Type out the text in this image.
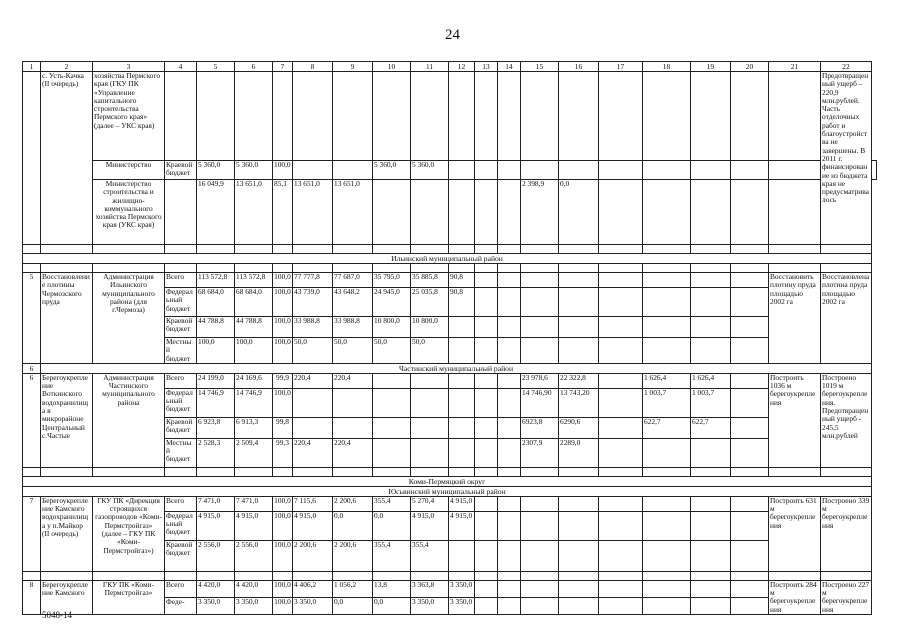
24
1	2	3	4	5	6	7	8	9	10	11	12	13	14	15	16	17	18	19	20	21	22	
	с. Усть-Качка (II очередь)	хозяйства Пермского края (ГКУ ПК «Управление капитального строительства Пермского края» (далее – УКС края)																			Предотвращенный ущерб – 220,9 млн.рублей. Часть отделочных работ и благоустройства не завершены. В 2011 г. финансирование из бюджета края не предусматривалось	
		Министерство	Краевой бюджет	5 360,0	5 360,0	100,0			5 360,0	5 360,0												
		Министерство строительства и жилищно-коммунального хозяйства Пермского края (УКС края)		16 049,9	13 651,0	85,1	13 651,0	13 651,0						2 398,9	0,0							

Ильинский муниципальный район																						

5	Восстановление плотины Чермозского пруда	Администрация Ильинского муниципального района (для г.Чермоза)	Всего	113 572,8	113 572,8	100,0	77 777,8	77 687,0	35 795,0	35 885,8	90,8									Восстановить плотину пруда площадью 2002 га	Восстановлена плотина пруда площадью 2002 га	
			Федеральный бюджет	68 684,0	68 684,0	100,0	43 739,0	43 648,2	24 945,0	25 035,8	90,8											
			Краевой бюджет	44 788,8	44 788,8	100,0	33 988,8	33 988,8	10 800,0	10 800,0												
			Местный бюджет	100,0	100,0	100,0	50,0	50,0	50,0	50,0												
6	Частинский муниципальный район																					
6	Берегоукрепление Воткинского водохранилища в микрорайоне Центральный с.Частые	Администрация Частинского муниципального района	Всего	24 199,0	24 169,6	99,9	220,4	220,4						23 978,6	22 322,8		1 626,4	1 626,4		Построить 1036 м берегоукрепления	Построено 1019 м берегоукрепления. Предотвращенный ущерб - 245,5 млн.рублей	
			Федеральный бюджет	14 746,9	14 746,9	100,0								14 746,90	13 743,20		1 003,7	1 003,7				
			Краевой бюджет	6 923,8	6 913,3	99,8								6923,8	6290,6		622,7	622,7				
			Местный бюджет	2 528,3	2 509,4	99,3	220,4	220,4						2307,9	2289,0							

Коми-Пермяцкий округ																						
Юсьвинский муниципальный район																						
7	Берегоукрепление Камского водохранилища у п.Майкор (II очередь)	ГКУ ПК «Дирекция строящихся газопроводов «Коми-Пермстройгаз» (далее – ГКУ ПК «Коми-Пермстройгаз»)	Всего	7 471,0	7 471,0	100,0	7 115,6	2 200,6	355,4	5 270,4	4 915,0									Построить 631 м берегоукрепления	Построено 339 м берегоукрепления	
			Федеральный бюджет	4 915,0	4 915,0	100,0	4 915,0	0,0	0,0	4 915,0	4 915,0											
			Краевой бюджет	2 556,0	2 556,0	100,0	2 200,6	2 200,6	355,4	355,4												

8	Берегоукрепление Камского	ГКУ ПК «Коми-Пермстройгаз»	Всего	4 420,0	4 420,0	100,0	4 406,2	1 056,2	13,8	3 363,8	3 350,0									Построить 284 м берегоукрепления	Построено 227 м берегоукрепления	
			Феде-	3 350,0	3 350,0	100,0	3 350,0	0,0	0,0	3 350,0	3 350,0											
5048-14
